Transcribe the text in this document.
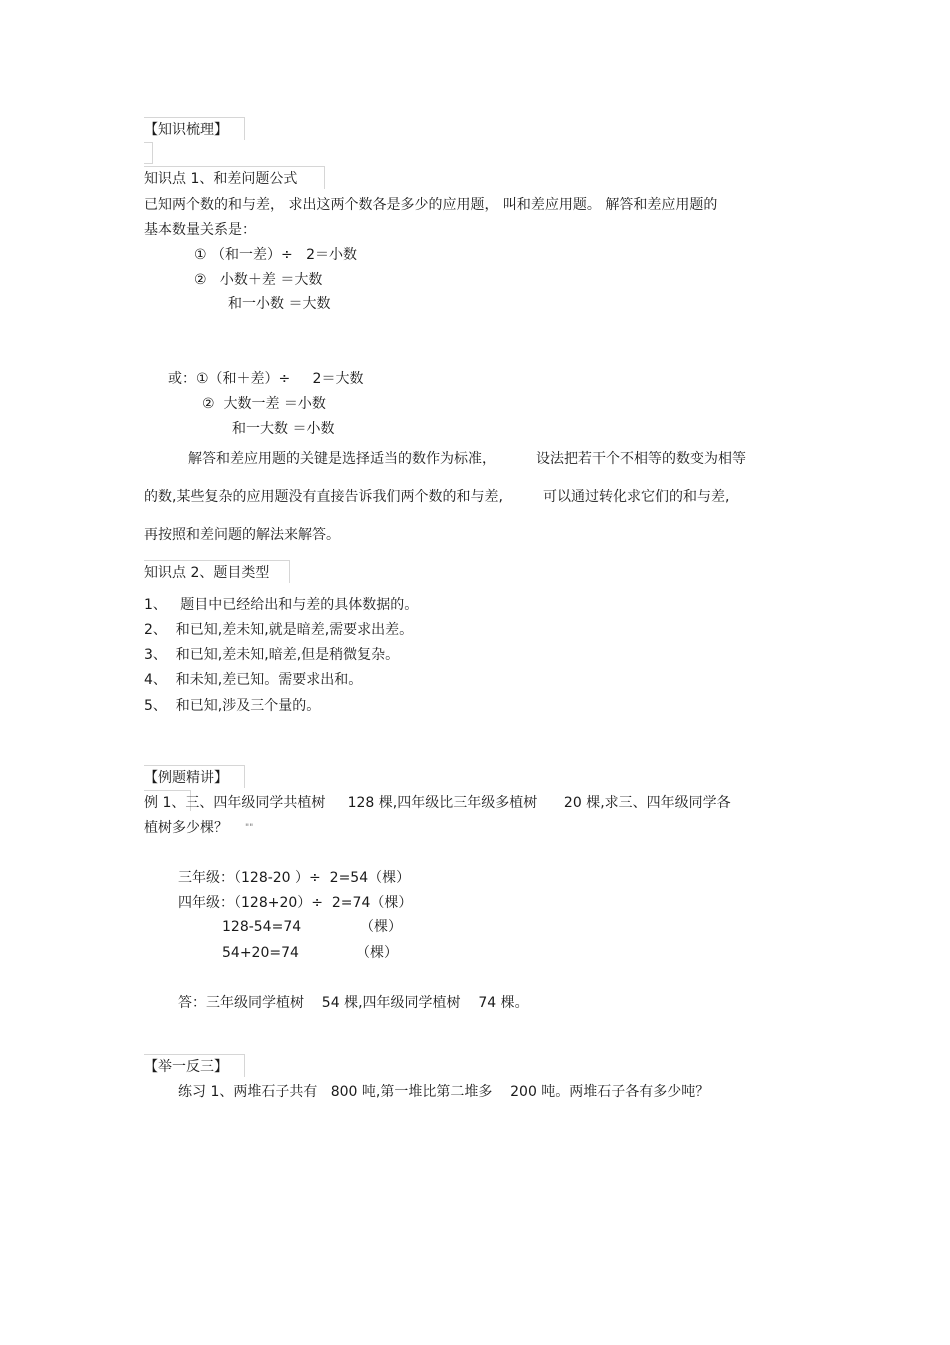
【知识梳理】
知识点 1、和差问题公式
已知两个数的和与差， 求出这两个数各是多少的应用题， 叫和差应用题。 解答和差应用题的
基本数量关系是：
① （和一差）÷   2＝小数
②   小数＋差 ＝大数
和一小数 ＝大数
或：①（和＋差）÷     2＝大数
②  大数一差 ＝小数
和一大数 ＝小数
解答和差应用题的关键是选择适当的数作为标准，         设法把若干个不相等的数变为相等
的数,某些复杂的应用题没有直接告诉我们两个数的和与差,         可以通过转化求它们的和与差,
再按照和差问题的解法来解答。
知识点 2、题目类型
1、   题目中已经给出和与差的具体数据的。
2、  和已知,差未知,就是暗差,需要求出差。
3、  和已知,差未知,暗差,但是稍微复杂。
4、  和未知,差已知。需要求出和。
5、  和已知,涉及三个量的。
【例题精讲】
例 1、三、四年级同学共植树     128 棵,四年级比三年级多植树      20 棵,求三、四年级同学各
植树多少棵？ ""
三年级：（128-20 ）÷  2=54（棵）
四年级：（128+20）÷  2=74（棵）
128-54=74	（棵）
54+20=74	（棵）
答：三年级同学植树    54 棵,四年级同学植树    74 棵。
【举一反三】
练习 1、两堆石子共有   800 吨,第一堆比第二堆多    200 吨。两堆石子各有多少吨？
